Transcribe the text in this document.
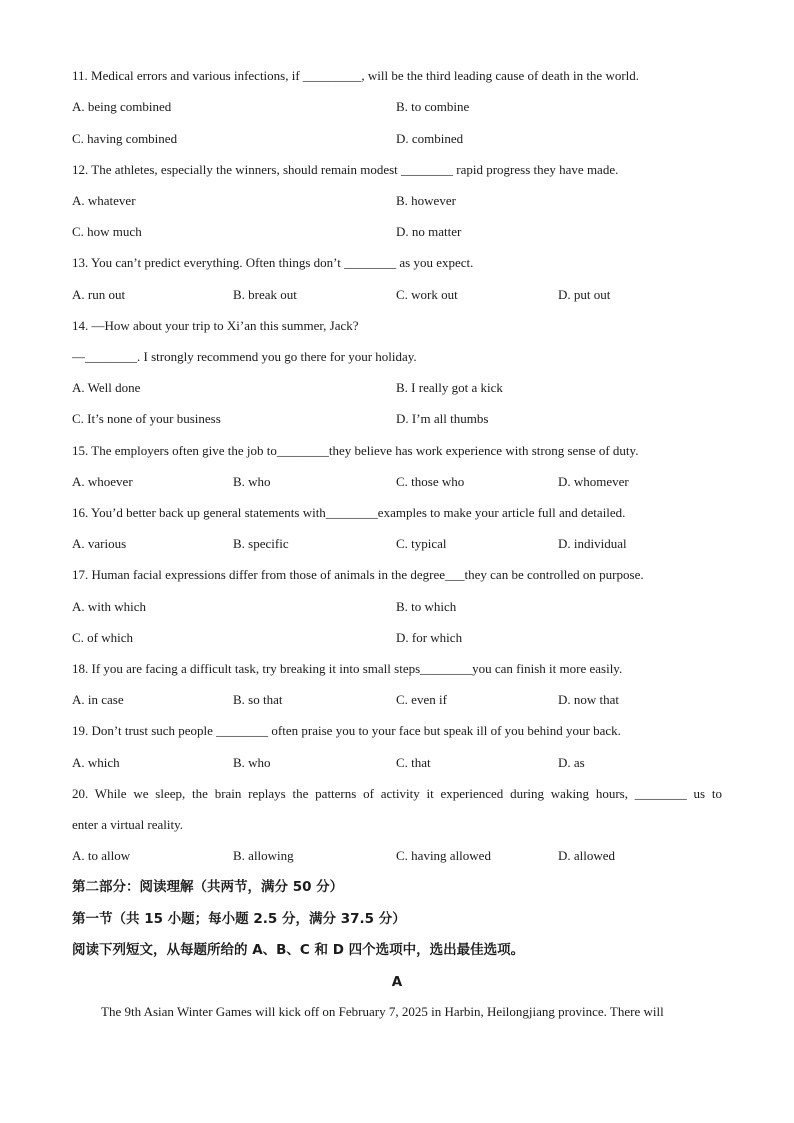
11. Medical errors and various infections, if _________, will be the third leading cause of death in the world.
A. being combined	B. to combine
C. having combined	D. combined
12. The athletes, especially the winners, should remain modest ________ rapid progress they have made.
A. whatever	B. however
C. how much	D. no matter
13. You can’t predict everything. Often things don’t ________ as you expect.
A. run out	B. break out	C. work out	D. put out
14. —How about your trip to Xi’an this summer, Jack?
—________. I strongly recommend you go there for your holiday.
A. Well done	B. I really got a kick
C. It’s none of your business	D. I’m all thumbs
15. The employers often give the job to________they believe has work experience with strong sense of duty.
A. whoever	B. who	C. those who	D. whomever
16. You’d better back up general statements with________examples to make your article full and detailed.
A. various	B. specific	C. typical	D. individual
17. Human facial expressions differ from those of animals in the degree___they can be controlled on purpose.
A. with which	B. to which
C. of which	D. for which
18. If you are facing a difficult task, try breaking it into small steps________you can finish it more easily.
A. in case	B. so that	C. even if	D. now that
19. Don’t trust such people ________ often praise you to your face but speak ill of you behind your back.
A. which	B. who	C. that	D. as
20. While we sleep, the brain replays the patterns of activity it experienced during waking hours, ________ us to
enter a virtual reality.
A. to allow	B. allowing	C. having allowed	D. allowed
第二部分：阅读理解（共两节，满分 50 分）
第一节（共 15 小题；每小题 2.5 分，满分 37.5 分）
阅读下列短文，从每题所给的 A、B、C 和 D 四个选项中，选出最佳选项。
A
The 9th Asian Winter Games will kick off on February 7, 2025 in Harbin, Heilongjiang province. There will
